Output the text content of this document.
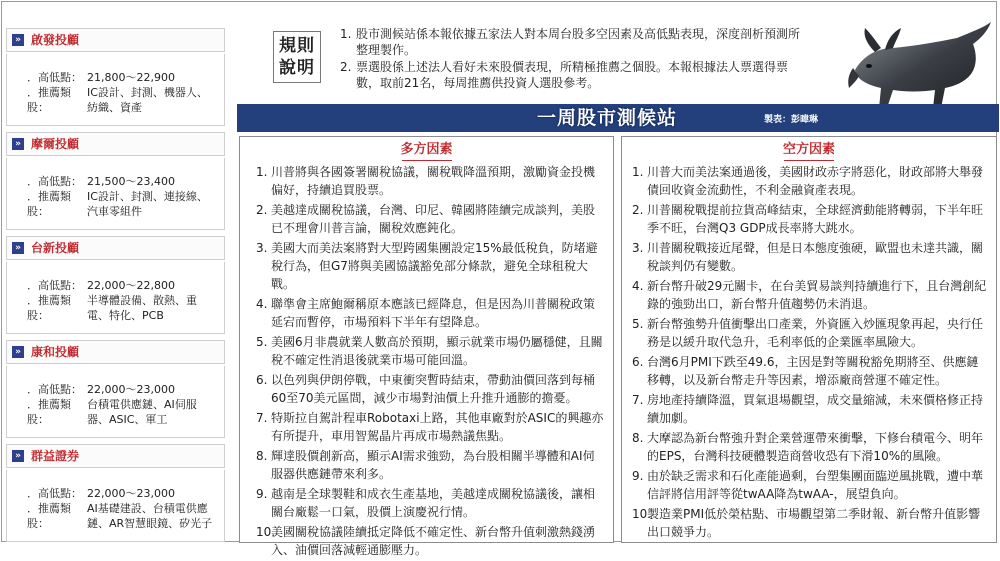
» 啟發投顧
．高低點： 21,800～22,900
．推薦類股：IC設計、封測、機器人、紡織、資產
» 摩爾投顧
．高低點： 21,500～23,400
．推薦類股：IC設計、封測、連接線、汽車零組件
» 台新投顧
．高低點： 22,000～22,800
．推薦類股：半導體設備、散熱、重電、特化、PCB
» 康和投顧
．高低點： 22,000～23,000
．推薦類股：台積電供應鏈、AI伺服器、ASIC、軍工
» 群益證券
．高低點： 22,000～23,000
．推薦類股：AI基礎建設、台積電供應鏈、AR智慧眼鏡、矽光子
規則
說明
1. 股市測候站係本報依據五家法人對本周台股多空因素及高低點表現，深度剖析預測所整理製作。
2. 票選股係上述法人看好未來股價表現，所精極推薦之個股。本報根據法人票選得票數，取前21名，每周推薦供投資人選股參考。
一周股市測候站	製表：彭暐琳
多方因素
1. 川普將與各國簽署關稅協議，關稅戰降溫預期，激勵資金投機偏好，持續追買股票。
2. 美越達成關稅協議，台灣、印尼、韓國將陸續完成談判，美股已不理會川普言論，關稅效應鈍化。
3. 美國大而美法案將對大型跨國集團設定15%最低稅負，防堵避稅行為，但G7將與美國協議豁免部分條款，避免全球租稅大戰。
4. 聯準會主席鮑爾稱原本應該已經降息，但是因為川普關稅政策延宕而暫停，市場預料下半年有望降息。
5. 美國6月非農就業人數高於預期，顯示就業市場仍屬穩健，且關稅不確定性消退後就業市場可能回溫。
6. 以色列與伊朗停戰，中東衝突暫時結束，帶動油價回落到每桶60至70美元區間，減少市場對油價上升推升通膨的擔憂。
7. 特斯拉自駕計程車Robotaxi上路，其他車廠對於ASIC的興趣亦有所提升，車用智駕晶片再成市場熱議焦點。
8. 輝達股價創新高，顯示AI需求強勁，為台股相關半導體和AI伺服器供應鏈帶來利多。
9. 越南是全球製鞋和成衣生產基地，美越達成關稅協議後，讓相關台廠鬆一口氣，股價上演慶祝行情。
10.
美國關稅協議陸續抵定降低不確定性、新台幣升值刺激熱錢湧入、油價回落減輕通膨壓力。
空方因素
1. 川普大而美法案通過後，美國財政赤字將惡化，財政部將大舉發債回收資金流動性，不利金融資產表現。
2. 川普關稅戰提前拉貨高峰結束，全球經濟動能將轉弱，下半年旺季不旺，台灣Q3 GDP成長率將大跳水。
3. 川普關稅戰接近尾聲，但是日本態度強硬，歐盟也未達共識，關稅談判仍有變數。
4. 新台幣升破29元關卡，在台美貿易談判持續進行下，且台灣創紀錄的強勁出口，新台幣升值趨勢仍未消退。
5. 新台幣強勢升值衝擊出口產業，外資匯入炒匯現象再起，央行任務是以緩升取代急升，毛利率低的企業匯率風險大。
6. 台灣6月PMI下跌至49.6，主因是對等關稅豁免期將至、供應鏈移轉，以及新台幣走升等因素，增添廠商營運不確定性。
7. 房地產持續降溫，買氣退場觀望，成交量縮減，未來價格修正持續加劇。
8. 大摩認為新台幣強升對企業營運帶來衝擊，下修台積電今、明年的EPS，台灣科技硬體製造商營收恐有下滑10%的風險。
9. 由於缺乏需求和石化產能過剩，台塑集團面臨逆風挑戰，遭中華信評將信用評等從twAA降為twAA-，展望負向。
10.
製造業PMI低於榮枯點、市場觀望第二季財報、新台幣升值影響出口競爭力。
